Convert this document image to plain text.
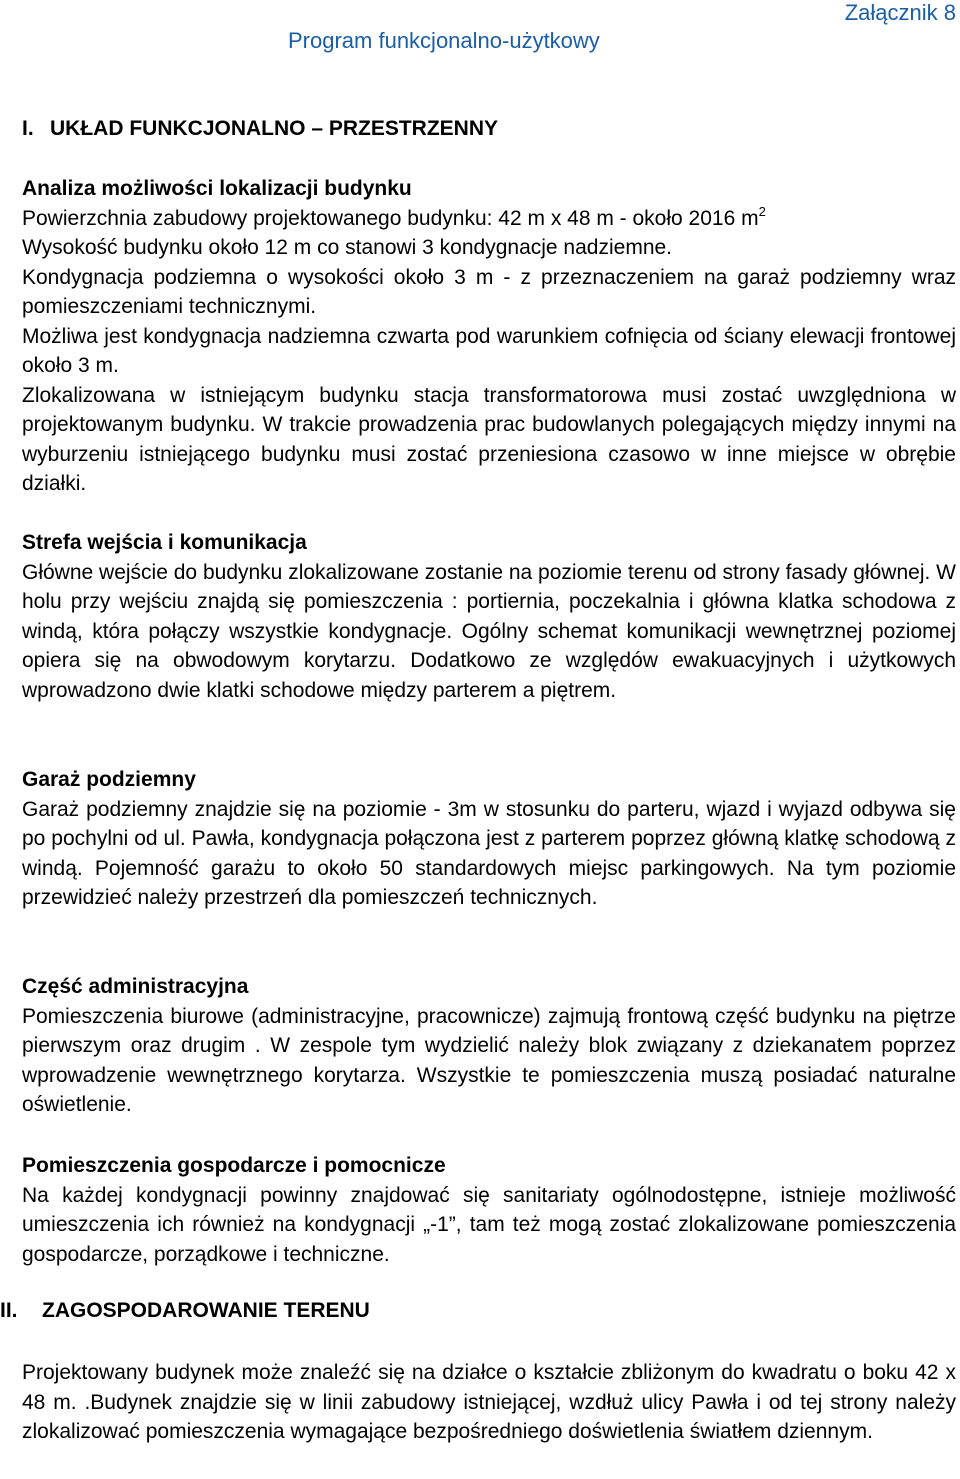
Załącznik 8
Program funkcjonalno-użytkowy
I. UKŁAD FUNKCJONALNO – PRZESTRZENNY
Analiza możliwości lokalizacji budynku

Powierzchnia zabudowy projektowanego budynku: 42 m x 48 m - około 2016 $m^2$

Wysokość budynku około 12 m co stanowi 3 kondygnacje nadziemne.

Kondygnacja podziemna o wysokości około 3 m - z przeznaczeniem na garaż podziemny wraz pomieszczeniami technicznymi.

Możliwa jest kondygnacja nadziemna czwarta pod warunkiem cofnięcia od ściany elewacji frontowej około 3 m.

Zlokalizowana w istniejącym budynku stacja transformatorowa musi zostać uwzględniona w projektowanym budynku. W trakcie prowadzenia prac budowlanych polegających między innymi na wyburzeniu istniejącego budynku musi zostać przeniesiona czasowo w inne miejsce w obrębie działki.

Strefa wejścia i komunikacja

Główne wejście do budynku zlokalizowane zostanie na poziomie terenu od strony fasady głównej. W holu przy wejściu znajdą się pomieszczenia : portiernia, poczekalnia i główna klatka schodowa z windą, która połączy wszystkie kondygnacje. Ogólny schemat komunikacji wewnętrznej poziomej opiera się na obwodowym korytarzu. Dodatkowo ze względów ewakuacyjnych i użytkowych wprowadzono dwie klatki schodowe między parterem a piętrem.

Garaż podziemny

Garaż podziemny znajdzie się na poziomie - 3m w stosunku do parteru, wjazd i wyjazd odbywa się po pochylni od ul. Pawła, kondygnacja połączona jest z parterem poprzez główną klatkę schodową z windą. Pojemność garażu to około 50 standardowych miejsc parkingowych. Na tym poziomie przewidzieć należy przestrzeń dla pomieszczeń technicznych.

Część administracyjna

Pomieszczenia biurowe (administracyjne, pracownicze) zajmują frontową część budynku na piętrze pierwszym oraz drugim . W zespole tym wydzielić należy blok związany z dziekanatem poprzez wprowadzenie wewnętrznego korytarza. Wszystkie te pomieszczenia muszą posiadać naturalne oświetlenie.

Pomieszczenia gospodarcze i pomocnicze

Na każdej kondygnacji powinny znajdować się sanitariaty ogólnodostępne, istnieje możliwość umieszczenia ich również na kondygnacji „-1”, tam też mogą zostać zlokalizowane pomieszczenia gospodarcze, porządkowe i techniczne.

II. ZAGOSPODAROWANIE TERENU

Projektowany budynek może znaleźć się na działce o kształcie zbliżonym do kwadratu o boku 42 x 48 m. .Budynek znajdzie się w linii zabudowy istniejącej, wzdłuż ulicy Pawła i od tej strony należy zlokalizować pomieszczenia wymagające bezpośredniego doświetlenia światłem dziennym.
